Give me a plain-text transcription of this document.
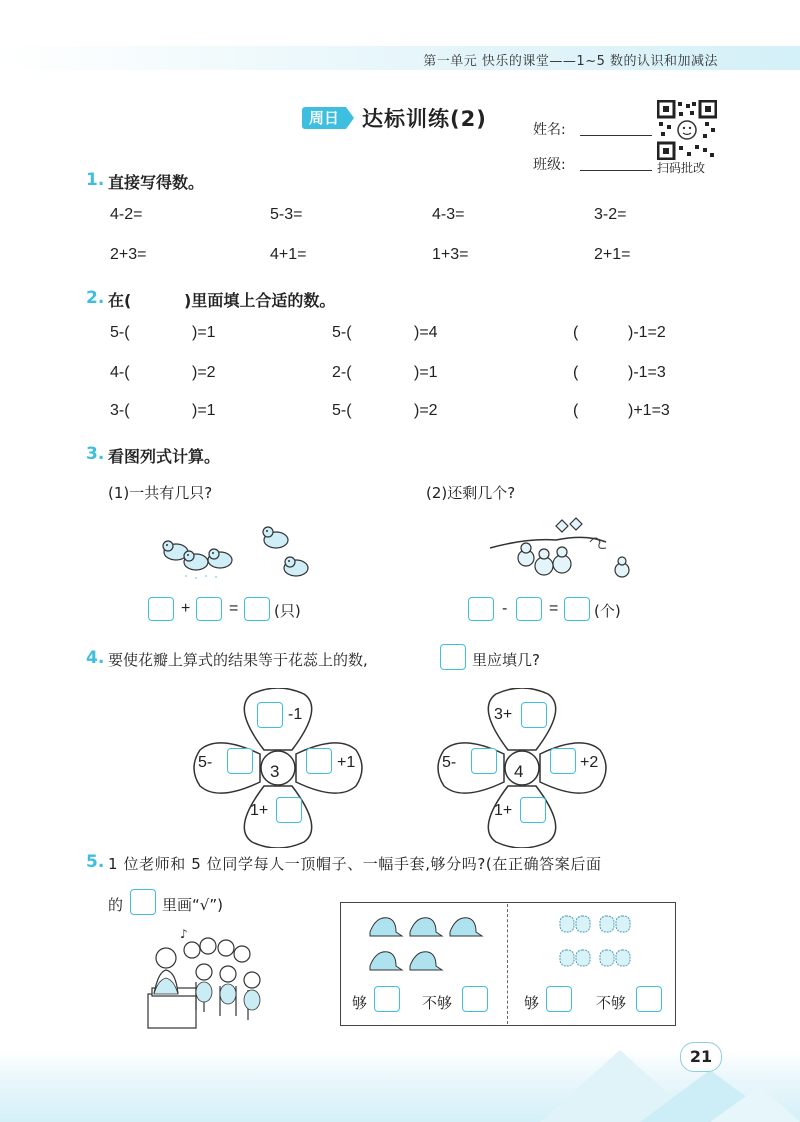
第一单元 快乐的课堂——1~5 数的认识和加减法
周日	达标训练(2)	姓名:
班级:	扫码批改
1. 直接写得数。
4-2=	5-3=	4-3=	3-2=
2+3=	4+1=	1+3=	2+1=
2. 在(	)里面填上合适的数。
5-(	)=1	5-(	)=4	(	)-1=2
4-(	)=2	2-(	)=1	(	)-1=3
3-(	)=1	5-(	)=2	(	)+1=3
3. 看图列式计算。
(1)一共有几只?	(2)还剩几个?
+ = (只)	-	= (个)
4. 要使花瓣上算式的结果等于花蕊上的数,	里应填几?
3
-1
5-	+1
1+
4
3+
5-	+2
1+
5. 1 位老师和 5 位同学每人一顶帽子、一幅手套,够分吗?(在正确答案后面
的	里画“√”)
♪
够	不够	够	不够
21
